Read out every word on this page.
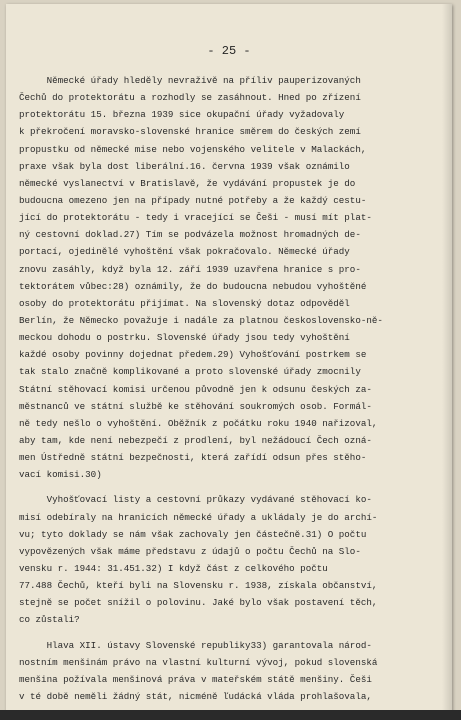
- 25 -
Německé úřady hleděly nevraživě na příliv pauperizovaných
Čechů do protektorátu a rozhodly se zasáhnout. Hned po zřízení
protektorátu 15. března 1939 sice okupační úřady vyžadovaly
k překročení moravsko-slovenské hranice směrem do českých zemí
propustku od německé mise nebo vojenského velitele v Malackách,
praxe však byla dost liberální.16. června 1939 však oznámilo
německé vyslanectví v Bratislavě, že vydávání propustek je do
budoucna omezeno jen na případy nutné potřeby a že každý cestu-
jící do protektorátu - tedy i vracející se Češi - musí mít plat-
ný cestovní doklad.27) Tím se podvázela možnost hromadných de-
portací, ojedinělé vyhoštění však pokračovalo. Německé úřady
znovu zasáhly, když byla 12. září 1939 uzavřena hranice s pro-
tektorátem vůbec:28) oznámily, že do budoucna nebudou vyhoštěné
osoby do protektorátu přijímat. Na slovenský dotaz odpověděl
Berlín, že Německo považuje i nadále za platnou československo-ně-
meckou dohodu o postrku. Slovenské úřady jsou tedy vyhoštění
každé osoby povinny dojednat předem.29) Vyhošťování postrkem se
tak stalo značně komplikované a proto slovenské úřady zmocnily
Státní stěhovací komisi určenou původně jen k odsunu českých za-
městnanců ve státní službě ke stěhování soukromých osob. Formál-
ně tedy nešlo o vyhoštění. Oběžník z počátku roku 1940 nařizoval,
aby tam, kde není nebezpečí z prodlení, byl nežádoucí Čech ozná-
men Ústředně státní bezpečnosti, která zařídí odsun přes stěho-
vací komisi.30)
Vyhošťovací listy a cestovní průkazy vydávané stěhovací ko-
misí odebíraly na hranicích německé úřady a ukládaly je do archí-
vu; tyto doklady se nám však zachovaly jen částečně.31) O počtu
vypovězených však máme představu z údajů o počtu Čechů na Slo-
vensku r. 1944: 31.451.32) I když část z celkového počtu
77.488 Čechů, kteří byli na Slovensku r. 1938, získala občanství,
stejně se počet snížil o polovinu. Jaké bylo však postavení těch,
co zůstali?
Hlava XII. ústavy Slovenské republiky33) garantovala národ-
nostním menšinám právo na vlastní kulturní vývoj, pokud slovenská
menšina požívala menšinová práva v mateřském státě menšiny. Češi
v té době neměli žádný stát, nicméně ľudácká vláda prohlašovala,
